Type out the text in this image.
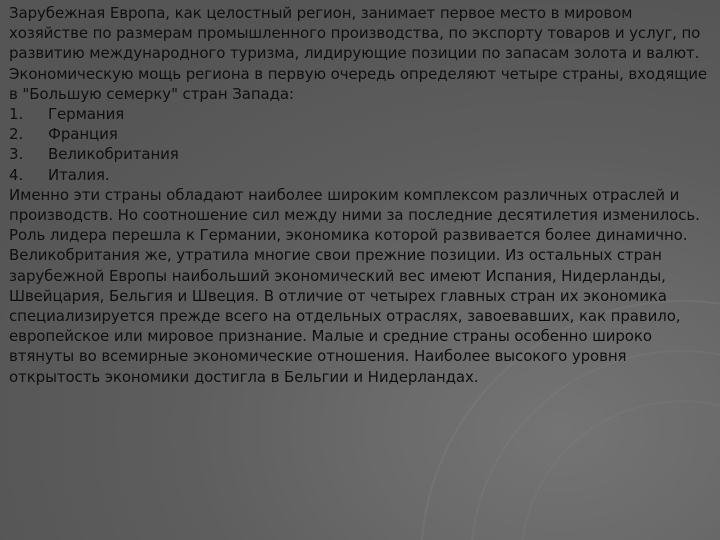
Зарубежная Европа, как целостный регион, занимает первое место в мировом хозяйстве по размерам промышленного производства, по экспорту товаров и услуг, по развитию международного туризма, лидирующие позиции по запасам золота и валют. Экономическую мощь региона в первую очередь определяют четыре страны, входящие в "Большую семерку" стран Запада:

1.	Германия
2.	Франция
3.	Великобритания
4.	Италия.

Именно эти страны обладают наиболее широким комплексом различных отраслей и производств. Но соотношение сил между ними за последние десятилетия изменилось. Роль лидера перешла к Германии, экономика которой развивается более динамично. Великобритания же, утратила многие свои прежние позиции. Из остальных стран зарубежной Европы наибольший экономический вес имеют Испания, Нидерланды, Швейцария, Бельгия и Швеция. В отличие от четырех главных стран их экономика специализируется прежде всего на отдельных отраслях, завоевавших, как правило, европейское или мировое признание. Малые и средние страны особенно широко втянуты во всемирные экономические отношения. Наиболее высокого уровня открытость экономики достигла в Бельгии и Нидерландах.
